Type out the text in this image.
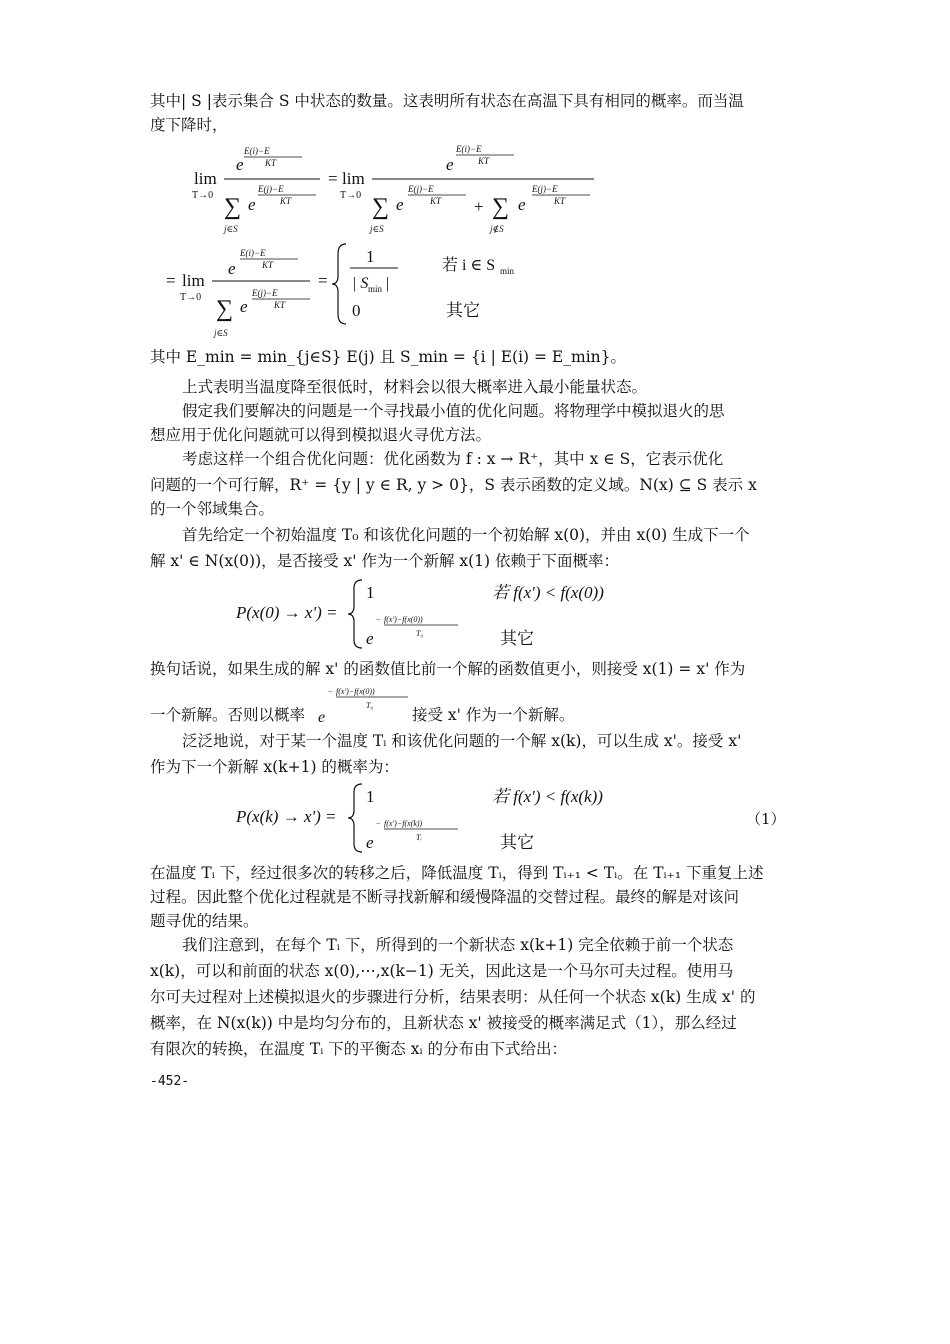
其中| S |表示集合 S 中状态的数量。这表明所有状态在高温下具有相同的概率。而当温
度下降时，
lim
T→0
e
E(i)−E
KT
∑
j∈S
e
E(j)−E
KT
= lim
T→0
e
E(i)−E
KT
∑
j∈S
e
E(j)−E
KT + ∑
j∉S
e
E(j)−E
KT
= lim
T→0
e
E(i)−E
KT
∑
j∈S
e
E(j)−E
KT
=
1
| S min |
0
若 i ∈ S min
其它
其中 E_min = min_{j∈S} E(j) 且 S_min = {i | E(i) = E_min}。
上式表明当温度降至很低时，材料会以很大概率进入最小能量状态。
假定我们要解决的问题是一个寻找最小值的优化问题。将物理学中模拟退火的思
想应用于优化问题就可以得到模拟退火寻优方法。
考虑这样一个组合优化问题：优化函数为 f : x → R⁺，其中 x ∈ S，它表示优化
问题的一个可行解，R⁺ = {y | y ∈ R, y > 0}，S 表示函数的定义域。N(x) ⊆ S 表示 x
的一个邻域集合。
首先给定一个初始温度 T₀ 和该优化问题的一个初始解 x(0)，并由 x(0) 生成下一个
解 x' ∈ N(x(0))，是否接受 x' 作为一个新解 x(1) 依赖于下面概率：
P(x(0) → x') =
1
e
− f(x')−f(x(0))
T₀
若 f(x') < f(x(0))
其它
换句话说，如果生成的解 x' 的函数值比前一个解的函数值更小，则接受 x(1) = x' 作为
一个新解。否则以概率 e
− f(x')−f(x(0))
T₀
接受 x' 作为一个新解。
泛泛地说，对于某一个温度 Tᵢ 和该优化问题的一个解 x(k)，可以生成 x'。接受 x'
作为下一个新解 x(k+1) 的概率为：
P(x(k) → x') =
1
e
− f(x')−f(x(k))
Tᵢ
若 f(x') < f(x(k))
其它
（1）
在温度 Tᵢ 下，经过很多次的转移之后，降低温度 Tᵢ，得到 Tᵢ₊₁ < Tᵢ。在 Tᵢ₊₁ 下重复上述
过程。因此整个优化过程就是不断寻找新解和缓慢降温的交替过程。最终的解是对该问
题寻优的结果。
我们注意到，在每个 Tᵢ 下，所得到的一个新状态 x(k+1) 完全依赖于前一个状态
x(k)，可以和前面的状态 x(0),⋯,x(k−1) 无关，因此这是一个马尔可夫过程。使用马
尔可夫过程对上述模拟退火的步骤进行分析，结果表明：从任何一个状态 x(k) 生成 x' 的
概率，在 N(x(k)) 中是均匀分布的，且新状态 x' 被接受的概率满足式（1），那么经过
有限次的转换，在温度 Tᵢ 下的平衡态 xᵢ 的分布由下式给出：
-452-
